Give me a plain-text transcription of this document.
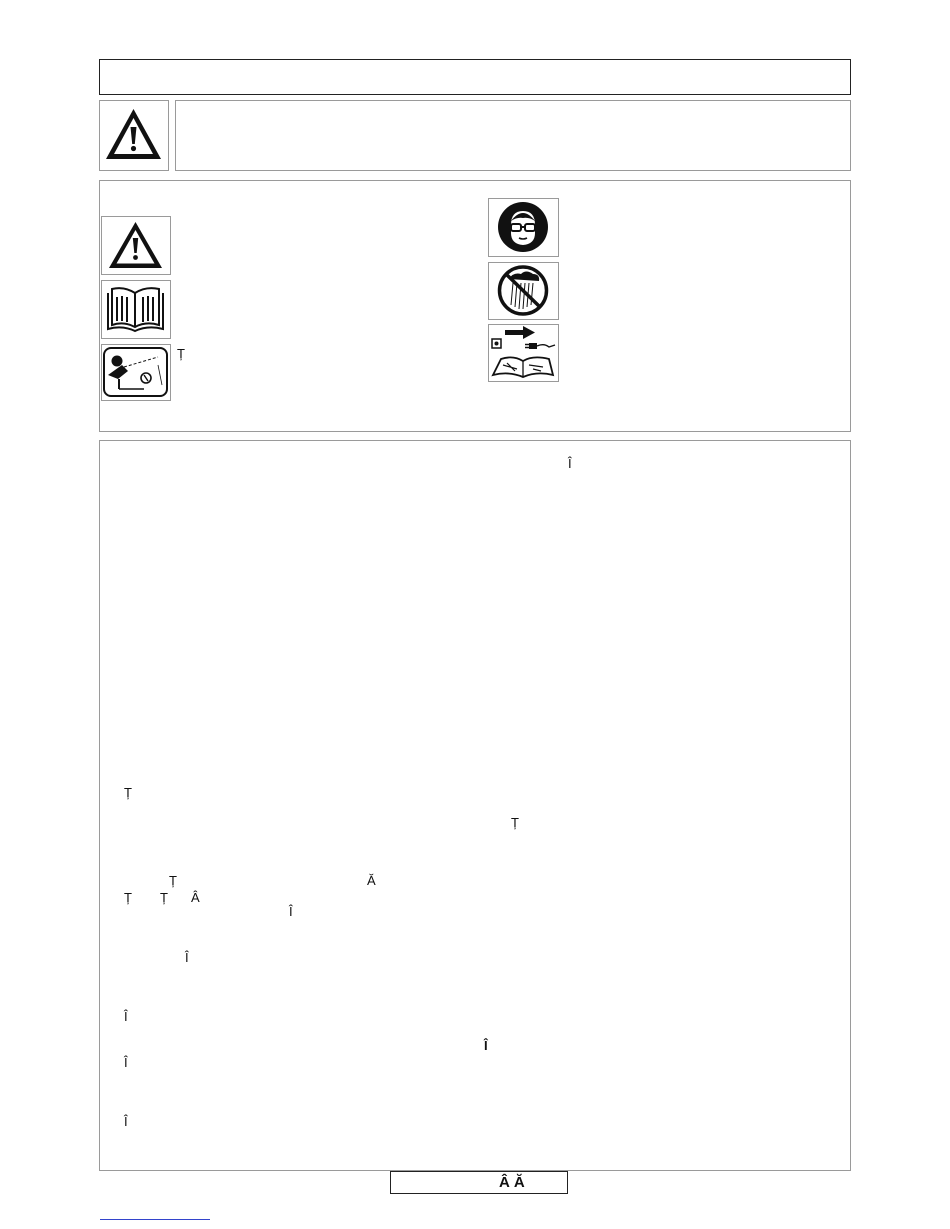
Ț
Î
Ț
Ț
Ț	Ă
Ț Ț Â
Î
Î
Î
Î
Î
Î
ÂĂ
